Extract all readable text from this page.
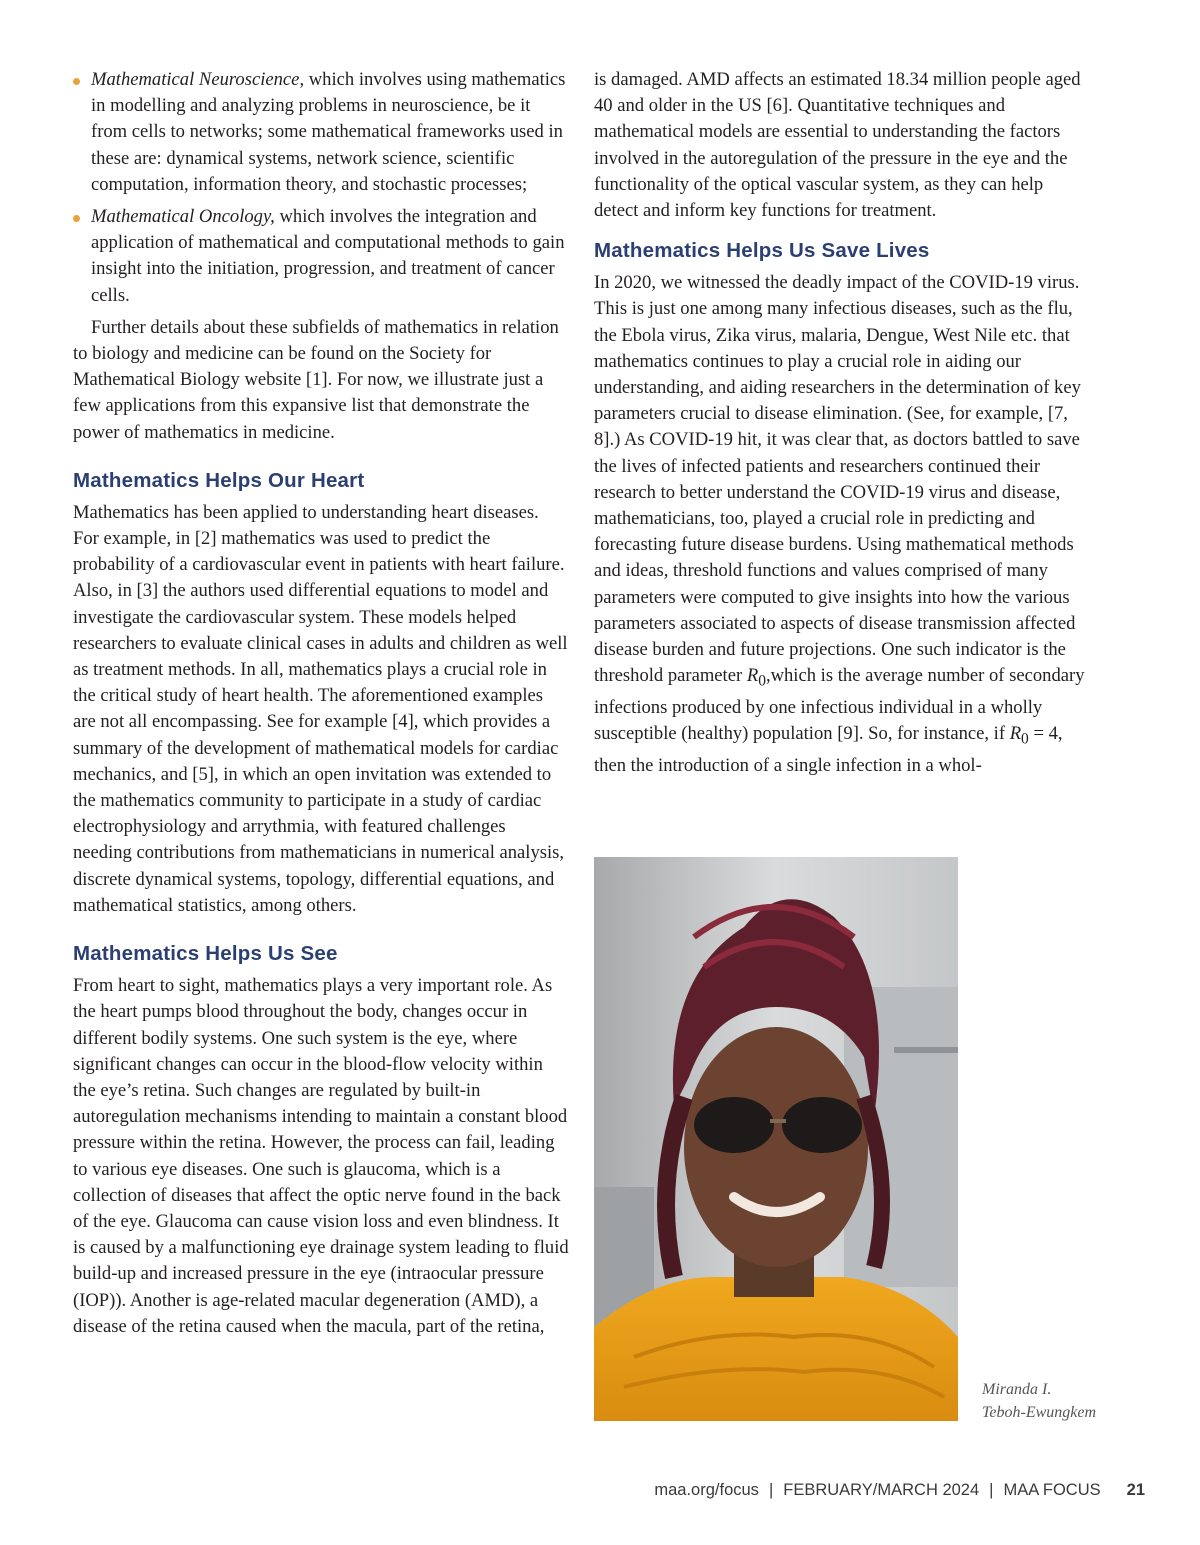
Mathematical Neuroscience, which involves using mathematics in modelling and analyzing problems in neuroscience, be it from cells to networks; some mathematical frameworks used in these are: dynamical systems, network science, scientific computation, information theory, and stochastic processes;
Mathematical Oncology, which involves the integration and application of mathematical and computational methods to gain insight into the initiation, progression, and treatment of cancer cells.

Further details about these subfields of mathematics in relation to biology and medicine can be found on the Society for Mathematical Biology website [1]. For now, we illustrate just a few applications from this expansive list that demonstrate the power of mathematics in medicine.

Mathematics Helps Our Heart

Mathematics has been applied to understanding heart diseases. For example, in [2] mathematics was used to predict the probability of a cardiovascular event in patients with heart failure. Also, in [3] the authors used differential equations to model and investigate the cardiovascular system. These models helped researchers to evaluate clinical cases in adults and children as well as treatment methods. In all, mathematics plays a crucial role in the critical study of heart health. The aforementioned examples are not all encompassing. See for example [4], which provides a summary of the development of mathematical models for cardiac mechanics, and [5], in which an open invitation was extended to the mathematics community to participate in a study of cardiac electrophysiology and arrythmia, with featured challenges needing contributions from mathematicians in numerical analysis, discrete dynamical systems, topology, differential equations, and mathematical statistics, among others.

Mathematics Helps Us See

From heart to sight, mathematics plays a very important role. As the heart pumps blood throughout the body, changes occur in different bodily systems. One such system is the eye, where significant changes can occur in the blood-flow velocity within the eye’s retina. Such changes are regulated by built-in autoregulation mechanisms intending to maintain a constant blood pressure within the retina. However, the process can fail, leading to various eye diseases. One such is glaucoma, which is a collection of diseases that affect the optic nerve found in the back of the eye. Glaucoma can cause vision loss and even blindness. It is caused by a malfunctioning eye drainage system leading to fluid build-up and increased pressure in the eye (intraocular pressure (IOP)). Another is age-related macular degeneration (AMD), a disease of the retina caused when the macula, part of the retina,

is damaged. AMD affects an estimated 18.34 million people aged 40 and older in the US [6]. Quantitative techniques and mathematical models are essential to understanding the factors involved in the autoregulation of the pressure in the eye and the functionality of the optical vascular system, as they can help detect and inform key functions for treatment.

Mathematics Helps Us Save Lives

In 2020, we witnessed the deadly impact of the COVID-19 virus. This is just one among many infectious diseases, such as the flu, the Ebola virus, Zika virus, malaria, Dengue, West Nile etc. that mathematics continues to play a crucial role in aiding our understanding, and aiding researchers in the determination of key parameters crucial to disease elimination. (See, for example, [7, 8].) As COVID-19 hit, it was clear that, as doctors battled to save the lives of infected patients and researchers continued their research to better understand the COVID-19 virus and disease, mathematicians, too, played a crucial role in predicting and forecasting future disease burdens. Using mathematical methods and ideas, threshold functions and values comprised of many parameters were computed to give insights into how the various parameters associated to aspects of disease transmission affected disease burden and future projections. One such indicator is the threshold parameter $R_0,which$ is the average number of secondary infections produced by one infectious individual in a wholly susceptible (healthy) population [9]. So, for instance, if $R_0 = 4$, then the introduction of a single infection in a whol-

Miranda I.
Teboh-Ewungkem
maa.org/focus | FEBRUARY/MARCH 2024 | MAA FOCUS 21
